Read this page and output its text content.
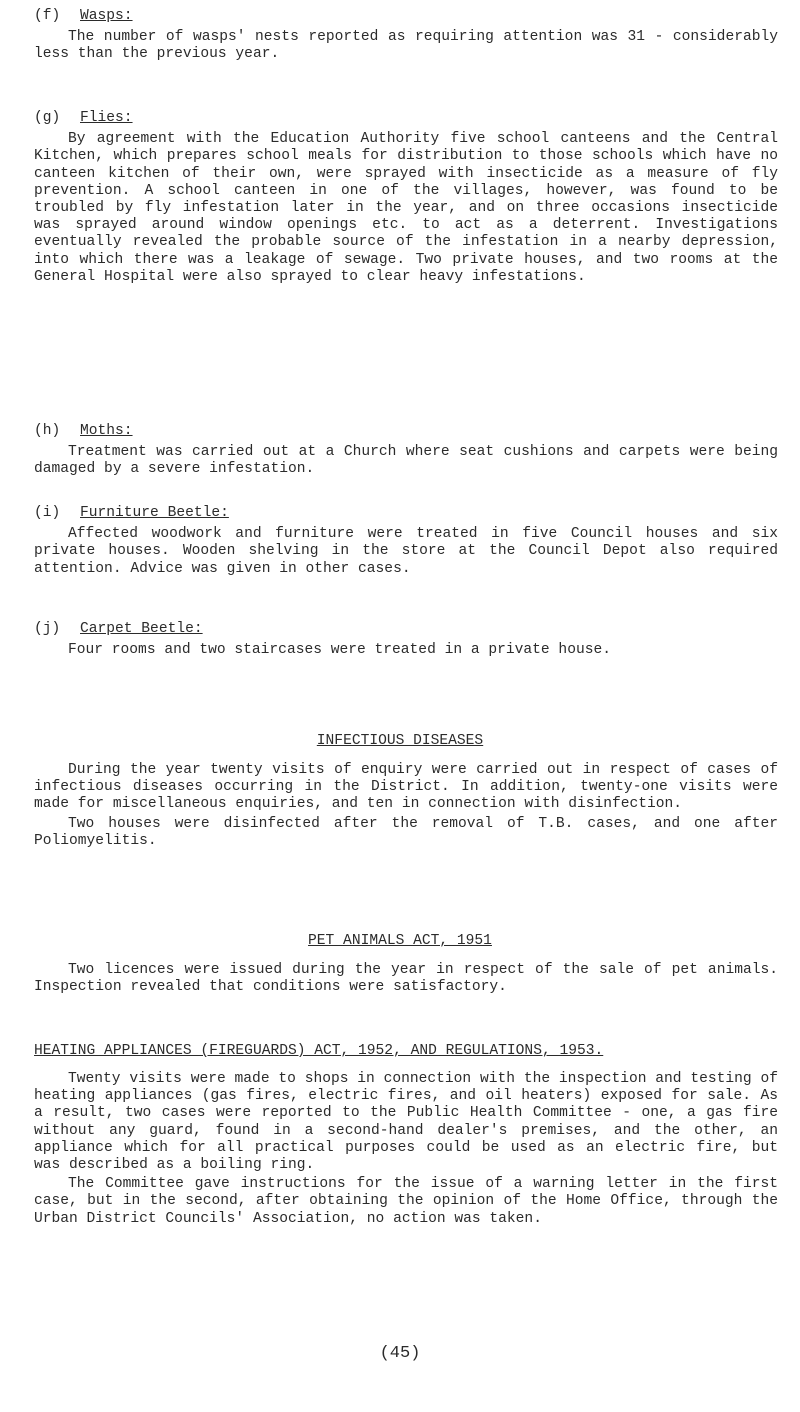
(f) Wasps:

The number of wasps' nests reported as requiring attention was 31 - considerably less than the previous year.

(g) Flies:

By agreement with the Education Authority five school canteens and the Central Kitchen, which prepares school meals for distribution to those schools which have no canteen kitchen of their own, were sprayed with insecticide as a measure of fly prevention. A school canteen in one of the villages, however, was found to be troubled by fly infestation later in the year, and on three occasions insecticide was sprayed around window openings etc. to act as a deterrent. Investigations eventually revealed the probable source of the infestation in a nearby depression, into which there was a leakage of sewage. Two private houses, and two rooms at the General Hospital were also sprayed to clear heavy infestations.

(h) Moths:

Treatment was carried out at a Church where seat cushions and carpets were being damaged by a severe infestation.

(i) Furniture Beetle:

Affected woodwork and furniture were treated in five Council houses and six private houses. Wooden shelving in the store at the Council Depot also required attention. Advice was given in other cases.

(j) Carpet Beetle:

Four rooms and two staircases were treated in a private house.

INFECTIOUS DISEASES

During the year twenty visits of enquiry were carried out in respect of cases of infectious diseases occurring in the District. In addition, twenty-one visits were made for miscellaneous enquiries, and ten in connection with disinfection.

Two houses were disinfected after the removal of T.B. cases, and one after Poliomyelitis.

PET ANIMALS ACT, 1951

Two licences were issued during the year in respect of the sale of pet animals. Inspection revealed that conditions were satisfactory.

HEATING APPLIANCES (FIREGUARDS) ACT, 1952, AND REGULATIONS, 1953.

Twenty visits were made to shops in connection with the inspection and testing of heating appliances (gas fires, electric fires, and oil heaters) exposed for sale. As a result, two cases were reported to the Public Health Committee - one, a gas fire without any guard, found in a second-hand dealer's premises, and the other, an appliance which for all practical purposes could be used as an electric fire, but was described as a boiling ring.

The Committee gave instructions for the issue of a warning letter in the first case, but in the second, after obtaining the opinion of the Home Office, through the Urban District Councils' Association, no action was taken.

(45)
